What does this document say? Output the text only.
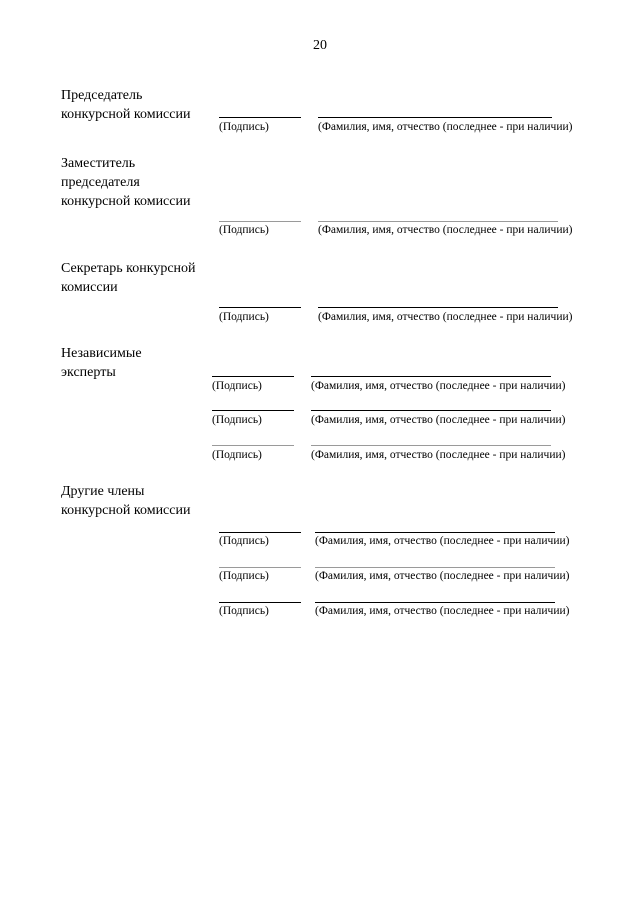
20
Председатель
конкурсной комиссии
(Подпись)	(Фамилия, имя, отчество (последнее - при наличии)
Заместитель
председателя
конкурсной комиссии
(Подпись)	(Фамилия, имя, отчество (последнее - при наличии)
Секретарь конкурсной
комиссии
(Подпись)	(Фамилия, имя, отчество (последнее - при наличии)
Независимые
эксперты
(Подпись)	(Фамилия, имя, отчество (последнее - при наличии)
(Подпись)	(Фамилия, имя, отчество (последнее - при наличии)
(Подпись)	(Фамилия, имя, отчество (последнее - при наличии)
Другие члены
конкурсной комиссии
(Подпись)	(Фамилия, имя, отчество (последнее - при наличии)
(Подпись)	(Фамилия, имя, отчество (последнее - при наличии)
(Подпись)	(Фамилия, имя, отчество (последнее - при наличии)
